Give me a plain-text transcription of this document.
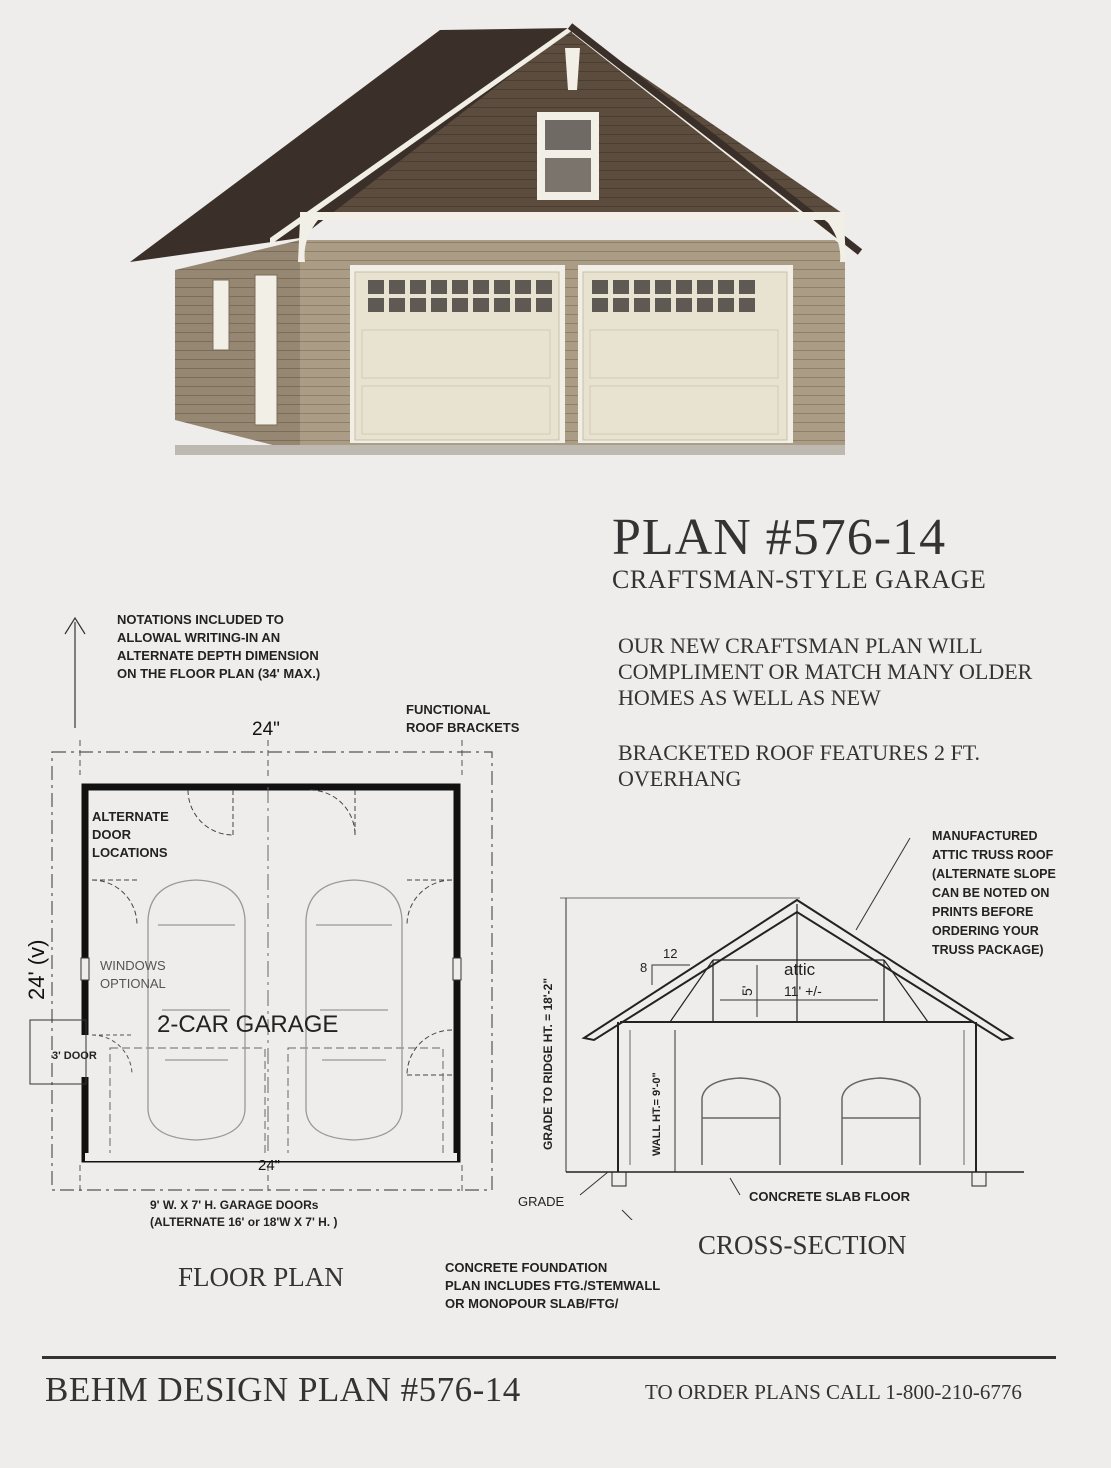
PLAN #576-14
CRAFTSMAN-STYLE GARAGE
OUR NEW CRAFTSMAN PLAN WILL COMPLIMENT OR MATCH MANY OLDER HOMES AS WELL AS NEW
BRACKETED ROOF FEATURES 2 FT. OVERHANG
24"
2-CAR GARAGE
3' DOOR
24"
24' (v)
NOTATIONS INCLUDED TO
ALLOWAL WRITING-IN AN
ALTERNATE DEPTH DIMENSION
ON THE FLOOR PLAN (34' MAX.)
FUNCTIONAL
ROOF BRACKETS
ALTERNATE
DOOR
LOCATIONS
WINDOWS
OPTIONAL
9' W. X 7' H. GARAGE DOORs
(ALTERNATE 16' or 18'W X 7' H. )
FLOOR PLAN
12
8	attic
11' +/-
5'
GRADE TO RIDGE HT. = 18'-2"	WALL HT.= 9'-0"
MANUFACTURED
ATTIC TRUSS ROOF
(ALTERNATE SLOPE
CAN BE NOTED ON
PRINTS BEFORE
ORDERING YOUR
TRUSS PACKAGE)
GRADE	CONCRETE SLAB FLOOR
CONCRETE FOUNDATION
PLAN INCLUDES FTG./STEMWALL
OR MONOPOUR SLAB/FTG/
CROSS-SECTION
BEHM DESIGN PLAN #576-14	TO ORDER PLANS CALL 1-800-210-6776
